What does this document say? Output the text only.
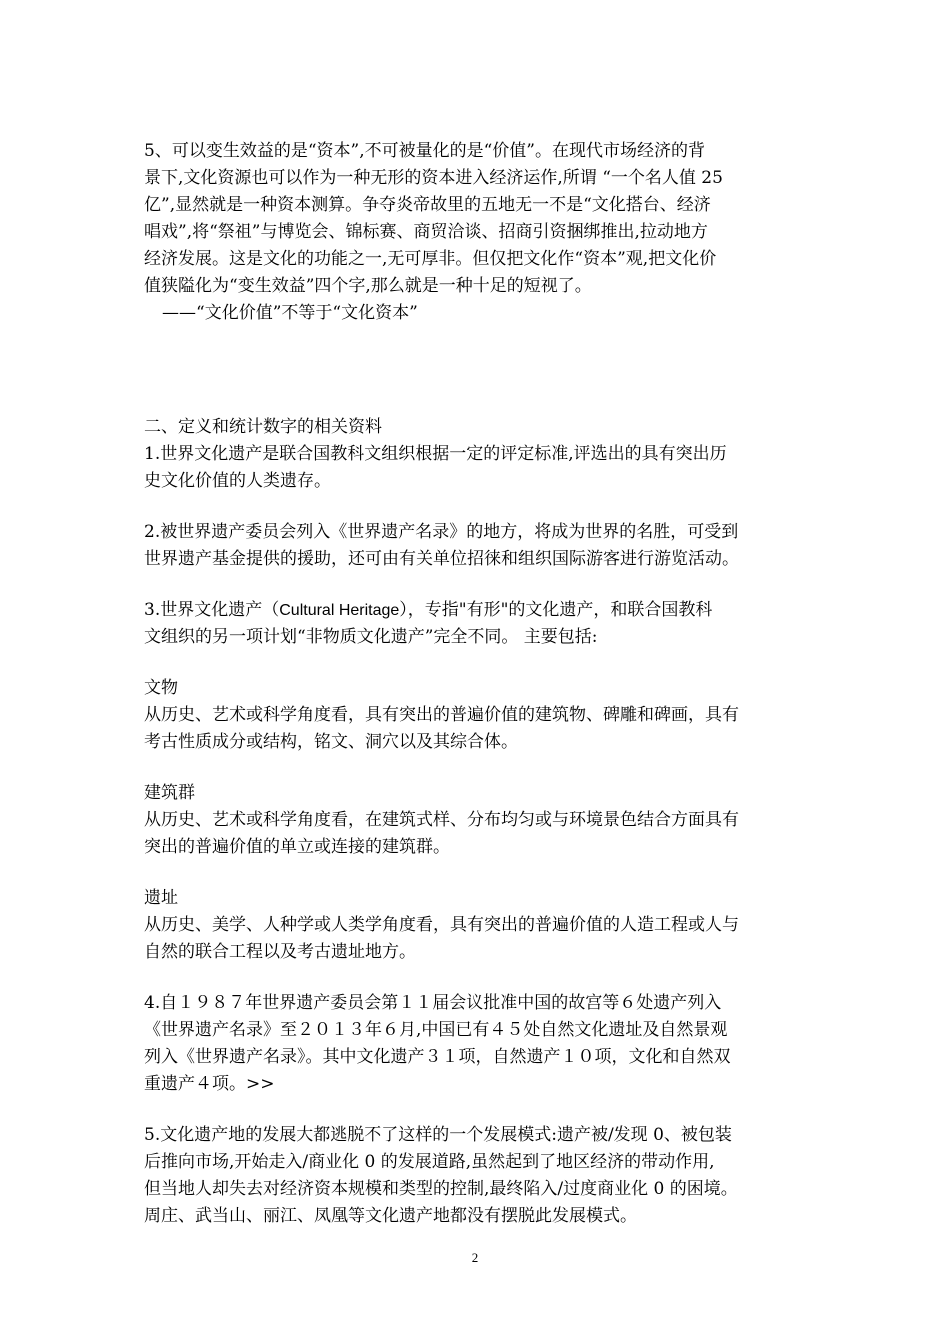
5、可以变生效益的是“资本”,不可被量化的是“价值”。在现代市场经济的背
景下,文化资源也可以作为一种无形的资本进入经济运作,所谓 “一个名人值 25
亿”,显然就是一种资本测算。争夺炎帝故里的五地无一不是“文化搭台、经济
唱戏”,将“祭祖”与博览会、锦标赛、商贸洽谈、招商引资捆绑推出,拉动地方
经济发展。这是文化的功能之一,无可厚非。但仅把文化作“资本”观,把文化价
值狭隘化为“变生效益”四个字,那么就是一种十足的短视了。

——“文化价值”不等于“文化资本”

二、定义和统计数字的相关资料

1.世界文化遗产是联合国教科文组织根据一定的评定标准,评选出的具有突出历
史文化价值的人类遗存。

2.被世界遗产委员会列入《世界遗产名录》的地方，将成为世界的名胜，可受到
世界遗产基金提供的援助，还可由有关单位招徕和组织国际游客进行游览活动。

3.世界文化遗产（Cultural Heritage），专指"有形"的文化遗产，和联合国教科
文组织的另一项计划“非物质文化遗产”完全不同。 主要包括:

文物
从历史、艺术或科学角度看，具有突出的普遍价值的建筑物、碑雕和碑画，具有
考古性质成分或结构，铭文、洞穴以及其综合体。

建筑群
从历史、艺术或科学角度看，在建筑式样、分布均匀或与环境景色结合方面具有
突出的普遍价值的单立或连接的建筑群。

遗址
从历史、美学、人种学或人类学角度看，具有突出的普遍价值的人造工程或人与
自然的联合工程以及考古遗址地方。

4.自１９８７年世界遗产委员会第１１届会议批准中国的故宫等６处遗产列入
《世界遗产名录》至２０１３年６月,中国已有４５处自然文化遗址及自然景观
列入《世界遗产名录》。其中文化遗产３１项，自然遗产１０项，文化和自然双
重遗产４项。>>

5.文化遗产地的发展大都逃脱不了这样的一个发展模式:遗产被/发现 0、被包装
后推向市场,开始走入/商业化 0 的发展道路,虽然起到了地区经济的带动作用,
但当地人却失去对经济资本规模和类型的控制,最终陷入/过度商业化 0 的困境。
周庄、武当山、丽江、凤凰等文化遗产地都没有摆脱此发展模式。

2
